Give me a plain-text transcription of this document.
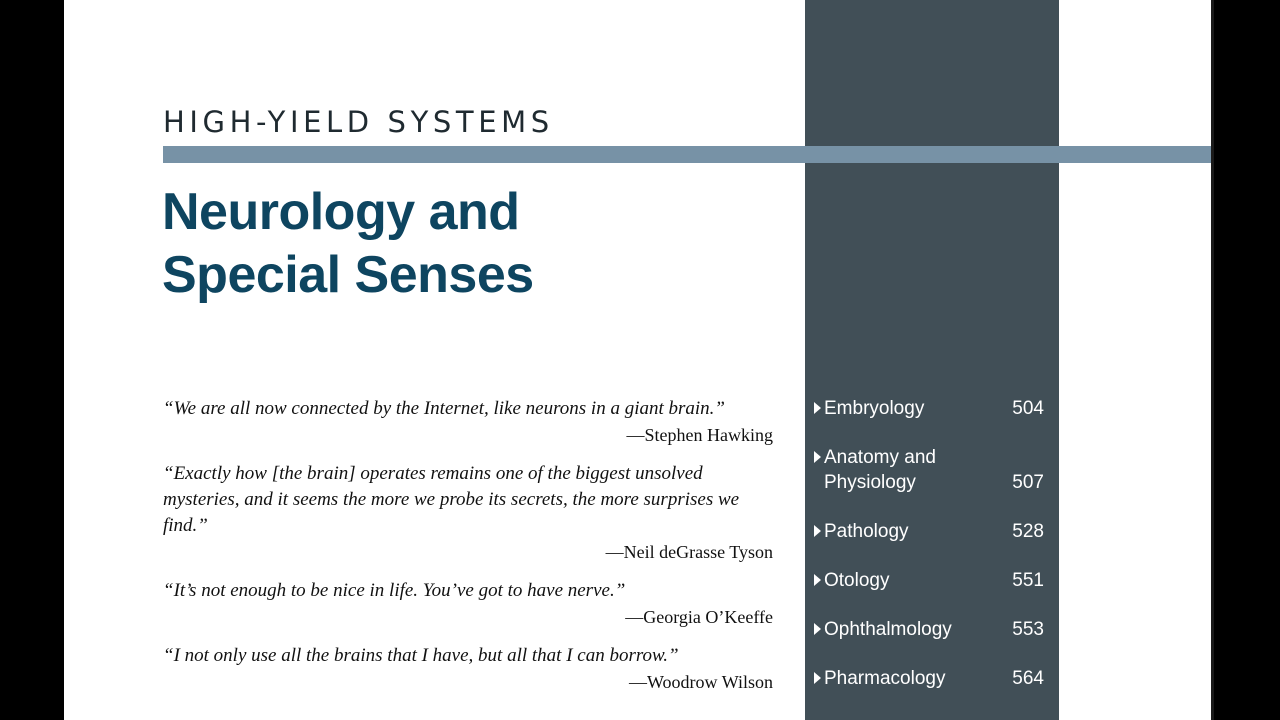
HIGH-YIELD SYSTEMS
Neurology and
Special Senses
“We are all now connected by the Internet, like neurons in a giant brain.”
—Stephen Hawking
“Exactly how [the brain] operates remains one of the biggest unsolved mysteries, and it seems the more we probe its secrets, the more surprises we find.”
—Neil deGrasse Tyson
“It’s not enough to be nice in life. You’ve got to have nerve.”
—Georgia O’Keeffe
“I not only use all the brains that I have, but all that I can borrow.”
—Woodrow Wilson
Embryology	504
Anatomy and
Physiology	507
Pathology	528
Otology	551
Ophthalmology	553
Pharmacology	564
